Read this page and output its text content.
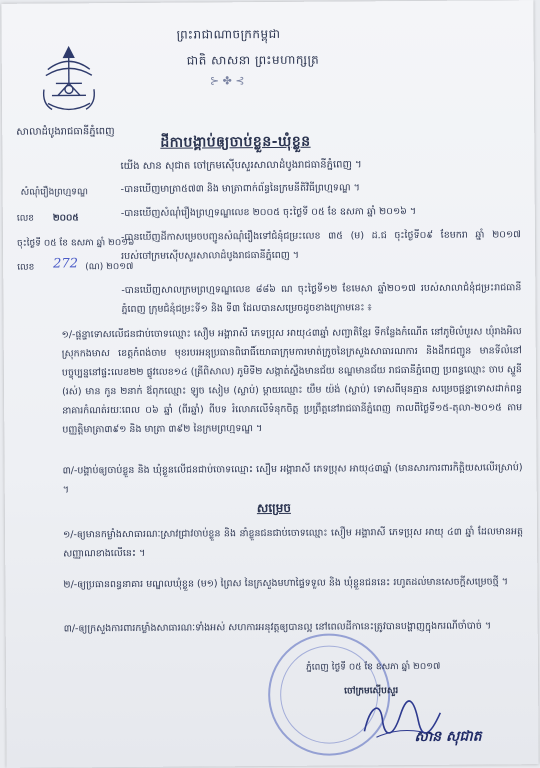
ព្រះរាជាណាចក្រកម្ពុជា
ជាតិ សាសនា ព្រះមហាក្សត្រ
⊱ ✤ ⊰
សាលាដំបូងរាជធានីភ្នំពេញ
ដីកាបង្គាប់ឲ្យចាប់ខ្លួន-ឃុំខ្លួន
យើង សាន សុជាត ចៅក្រមស៊ើបសួរសាលាដំបូងរាជធានីភ្នំពេញ ។
សំណុំរឿងព្រហ្មទណ្ឌ
លេខ ២០០៥
ចុះថ្ងៃទី ០៥ ខែ ឧសភា ឆ្នាំ ២០១៦
លេខ 272 (ណ) ២០១៧
-បានឃើញមាត្រា៥៧៣ និង មាត្រាពាក់ព័ន្ធនៃក្រមនីតិវិធីព្រហ្មទណ្ឌ ។
-បានឃើញសំណុំរឿងព្រហ្មទណ្ឌលេខ ២០០៥ ចុះថ្ងៃទី ០៥ ខែ ឧសភា ឆ្នាំ ២០១៦ ។
-បានឃើញដីកាសម្រេចបញ្ជូនសំណុំរឿងទៅជំនុំជម្រះលេខ ៣៥ (ម) ដ.ជ ចុះថ្ងៃទី០៩ ខែមករា ឆ្នាំ ២០១៧ របស់ចៅក្រមស៊ើបសួរសាលាដំបូងរាជធានីភ្នំពេញ ។
-បានឃើញសាលក្រមព្រហ្មទណ្ឌលេខ ៨៨៦ ណ ចុះថ្ងៃទី១២ ខែមេសា ឆ្នាំ២០១៧ របស់សាលាជំនុំជម្រះរាជធានីភ្នំពេញ ក្រុមជំនុំជម្រះទី១ និង ទី៣ ដែលបានសម្រេចដូចខាងក្រោមនេះ ៖
១/-ផ្តន្ទាទោសលើជនជាប់ចោទឈ្មោះ សឿម អង្គារាសី ភេទប្រុស អាយុ៤៣ឆ្នាំ សញ្ជាតិខ្មែរ ទីកន្លែងកំណើត នៅភូមិលំបួរស ឃុំរាងអិល ស្រុកកងមាស ខេត្តកំពង់ចាម មុខរបរអនុប្រធានពិរោធិ៍យោធាក្រុមការមាត់ក្រូចនៃក្រសួងសាធារណការ និងដឹកជញ្ជូន មានទីលំនៅបច្ចុប្បន្ននៅផ្ទះលេខ២២ ផ្លូវលេខ១៤ (គ្រីពិសាល) ភូមិទី២ សង្កាត់ស្ទឹងមានជ័យ ខណ្ឌមានជ័យ រាជធានីភ្នំពេញ ប្រពន្ធឈ្មោះ ចាប ស្នួនី (រស់) មាន កូន ២នាក់ ឪពុកឈ្មោះ ឡូច សៀម (ស្លាប់) ម្តាយឈ្មោះ យឹម យ៉ង់ (ស្លាប់) ទោសពីមុនគ្មាន សម្រេចផ្តន្ទាទោសដាក់ពន្ធនាគារកំណត់រយៈពេល ០៦ ឆ្នាំ (ពីរឆ្នាំ) ពីបទ រំលោភលើទំនុកចិត្ត ប្រព្រឹត្តនៅរាជធានីភ្នំពេញ កាលពីថ្ងៃទី១៥-តុលា-២០១៥ តាមបញ្ញត្តិមាត្រា៣៩១ និង មាត្រា ៣៩២ នៃក្រមព្រហ្មទណ្ឌ ។
៣/-បង្គាប់ឲ្យចាប់ខ្លួន និង ឃុំខ្លួនលើជនជាប់ចោទឈ្មោះ សឿម អង្គារាសី ភេទប្រុស អាយុ៤៣ឆ្នាំ (មានសារការពារកិត្តិយសលើរស្រាប់) ។
សម្រេច
១/-ឲ្យមានកម្លាំងសាធារណៈស្រាវជ្រាវចាប់ខ្លួន និង នាំខ្លួនជនជាប់ចោទឈ្មោះ សឿម អង្គារាសី ភេទប្រុស អាយុ ៤៣ ឆ្នាំ ដែលមានអត្តសញ្ញាណខាងលើនេះ ។
២/-ឲ្យប្រធានពន្ធនាគារ មណ្ឌលឃុំខ្លួន (ម១) ព្រៃស នៃក្រសួងមហាផ្ទៃទទួល និង ឃុំខ្លួនជននេះ រហូតដល់មានសេចក្តីសម្រេចថ្មី ។
៣/-ឲ្យក្រសួងការពារកម្លាំងសាធារណៈទាំងអស់ សហការអនុវត្តឲ្យបានល្អ នៅពេលដីកានេះត្រូវបានបង្ហាញក្នុងករណីចាំបាច់ ។
ភ្នំពេញ ថ្ងៃទី ០៥ ខែ ឧសភា ឆ្នាំ ២០១៧
ចៅក្រមស៊ើបសួរ
សាន សុជាត
